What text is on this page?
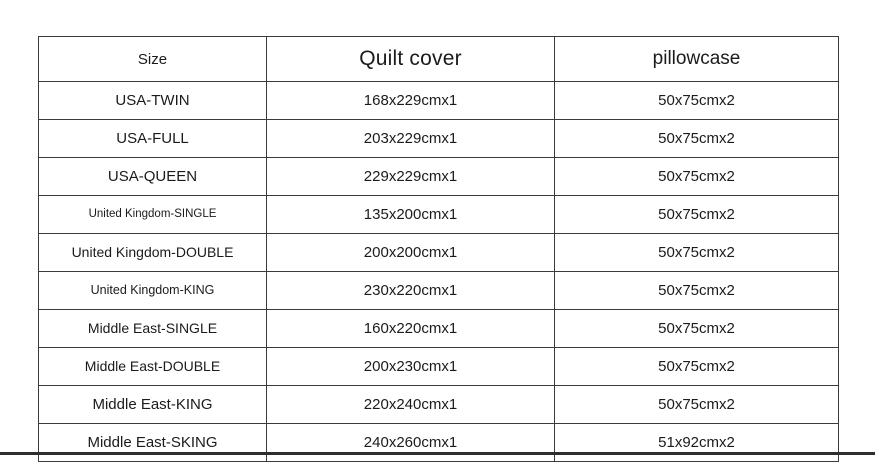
Size	Quilt cover	pillowcase
USA-TWIN	168x229cmx1	50x75cmx2
USA-FULL	203x229cmx1	50x75cmx2
USA-QUEEN	229x229cmx1	50x75cmx2
United Kingdom-SINGLE	135x200cmx1	50x75cmx2
United Kingdom-DOUBLE	200x200cmx1	50x75cmx2
United Kingdom-KING	230x220cmx1	50x75cmx2
Middle East-SINGLE	160x220cmx1	50x75cmx2
Middle East-DOUBLE	200x230cmx1	50x75cmx2
Middle East-KING	220x240cmx1	50x75cmx2
Middle East-SKING	240x260cmx1	51x92cmx2
